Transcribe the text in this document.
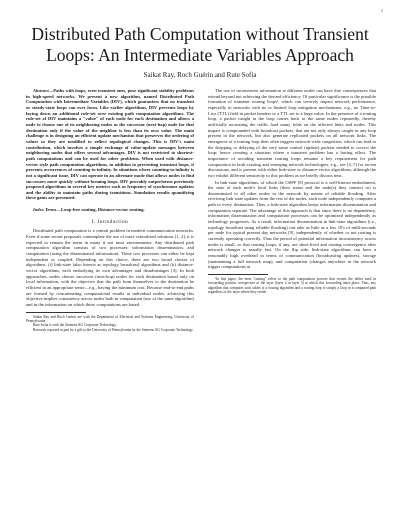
1
Distributed Path Computation without Transient
Loops: An Intermediate Variables Approach
Saikat Ray, Roch Guérin and Rute Sofia
Abstract—Paths with loops, even transient ones, pose significant stability problems in high-speed networks. We present a new algorithm, named Distributed Path Computation with Intermediate Variables (DIV), which guarantees that no transient or steady-state loops can ever form. Like earlier algorithms, DIV prevents loops by laying down an additional rule-set over existing path computation algorithms. The rule-set of DIV maintains a "value" of each node for each destination and allows a node to choose one of its neighboring nodes as the successor (next-hop) node for that destination only if the value of the neighbor is less than its own value. The main challenge is in designing an efficient update mechanism that preserves the ordering of values so they are modified to reflect topological changes. This is DIV's main contribution, which involves a simple exchange of value-update messages between neighboring nodes that offers several advantages. DIV is not restricted to shortest-path computations and can be used for other problems. When used with distance-vector style path computation algorithms, in addition to preventing transient loops, it prevents occurrences of counting-to-infinity. In situations where counting-to-infinity is not a significant issue, DIV can operate in an alternate mode that allows nodes to find successors more quickly without forming loops. DIV provably outperforms previously proposed algorithms in several key metrics such as frequency of synchronous updates and the ability to maintain paths during transitions. Simulation results quantifying these gains are presented.
Index Terms—Loop-free routing, Distance-vector routing.
I. Introduction
Distributed path computation is a central problem in modern communication networks. Even if some recent proposals contemplate the use of more centralized solutions [1, 2], it is expected to remain the norm in many if not most environments. Any distributed path computation algorithm consists of two processes: information dissemination, and computation (using the disseminated information). These two processes can either be kept independent or coupled. Depending on this choice, there are two broad classes of algorithms, (i) link-state (also known as topology broadcast) algorithms and (ii) distance-vector algorithms, each embodying its own advantages and disadvantages [3]. In both approaches, nodes choose successor (next-hop) nodes for each destination based only on local information, with the objective that the path from themselves to the destination be efficient in an appropriate sense—e.g., having the minimum cost. Because end-to-end paths are formed by concatenating computational results at individual nodes, achieving this objective implies consistency across nodes both in computation (use of the same algorithm) and in the information on which those computations are based.
Saikat Ray and Roch Guérin are with the Department of Electrical and Systems Engineering, University of Pennsylvania.
Rute Sofia is with the Siemens AG Corporate Technology.
Research reported in part by a gift to the University of Pennsylvania by the Siemens AG Corporate Technology.
The use of inconsistent information at different nodes can have dire consequences that extend beyond not achieving the desired efficiency. Of particular significance is the possible formation of transient routing loops¹, which can severely impact network performance, especially in networks with no or limited loop mitigation mechanisms, e.g., no Time-to-Live (TTL) field in packet headers or a TTL set to a large value. In the presence of a routing loop, a packet caught in the loop comes back to the same nodes repeatedly, thereby artificially increasing the traffic load many folds on the affected links and nodes. This impact is compounded with broadcast packets, that are not only always caught in any loop present in the network, but also generate replicated packets on all network links. The emergence of a routing loop then often triggers network-wide congestion, which can lead to the dropping or delaying of the very same control (update) packets needed to correct the loop; hence creating a situation where a transient problem has a lasting effect. The importance of avoiding transient routing loops remains a key requirement for path computation in both existing and emerging network technologies, e.g., see [4–7] for recent discussions, and is present with either link-state or distance-vector algorithms, although the two exhibit different sensitivity to this problem as we briefly discuss next.
In link-state algorithms, of which the OSPF [8] protocol is a well-known embodiment, the state of each node's local links (their status and the node(s) they connect to) is disseminated to all other nodes in the network by means of reliable flooding. After receiving link-state updates from the rest of the nodes, each node independently computes a path to every destination. Thus, a link-state algorithm keeps information dissemination and computation separate. The advantage of this approach is that since there is no dependency, information dissemination and computation processes can be optimized independently as technology progresses. As a result, information dissemination in link-state algorithms (i.e., topology broadcast using reliable flooding) can take as little as a few 10's of milli-seconds per node for typical present day networks [9], independently of whether or not routing is currently operating correctly. Thus the period of potential information inconsistency across nodes is small, so that routing loops, if any, are short-lived and routing convergence after network changes is usually fast. On the flip side, link-state algorithms can have a reasonably high overhead in terms of communication (broadcasting updates), storage (maintaining a full network map), and computation (changes anywhere in the network trigger computations at
¹In this paper, the term "routing" refers to the path computation process that creates the tables used in forwarding packets, irrespective of the layer (layer 2 or layer 3) at which this forwarding takes place. Thus, any algorithm that computes such tables is a routing algorithm and a routing loop is simply a loop in a computed path regardless of the layer where they reside.
